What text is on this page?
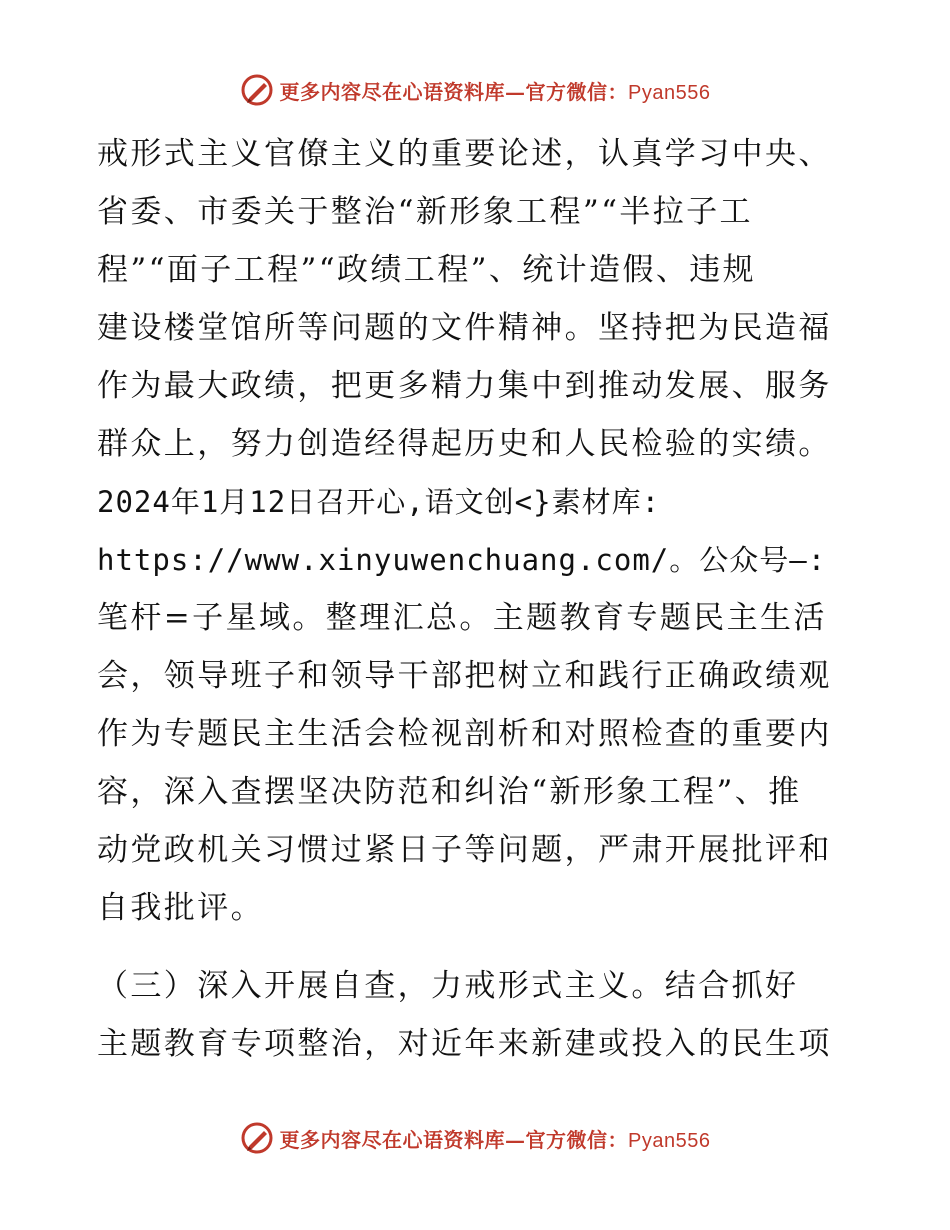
更多内容尽在心语资料库—官方微信：Pyan556
戒形式主义官僚主义的重要论述，认真学习中央、
省委、市委关于整治“新形象工程”“半拉子工
程”“面子工程”“政绩工程”、统计造假、违规
建设楼堂馆所等问题的文件精神。坚持把为民造福
作为最大政绩，把更多精力集中到推动发展、服务
群众上，努力创造经得起历史和人民检验的实绩。
2024年1月12日召开心,语文创<}素材库:
https://www.xinyuwenchuang.com/。公众号—:
笔杆=子星域。整理汇总。主题教育专题民主生活
会，领导班子和领导干部把树立和践行正确政绩观
作为专题民主生活会检视剖析和对照检查的重要内
容，深入查摆坚决防范和纠治“新形象工程”、推
动党政机关习惯过紧日子等问题，严肃开展批评和
自我批评。
（三）深入开展自查，力戒形式主义。结合抓好
主题教育专项整治，对近年来新建或投入的民生项
更多内容尽在心语资料库—官方微信：Pyan556
